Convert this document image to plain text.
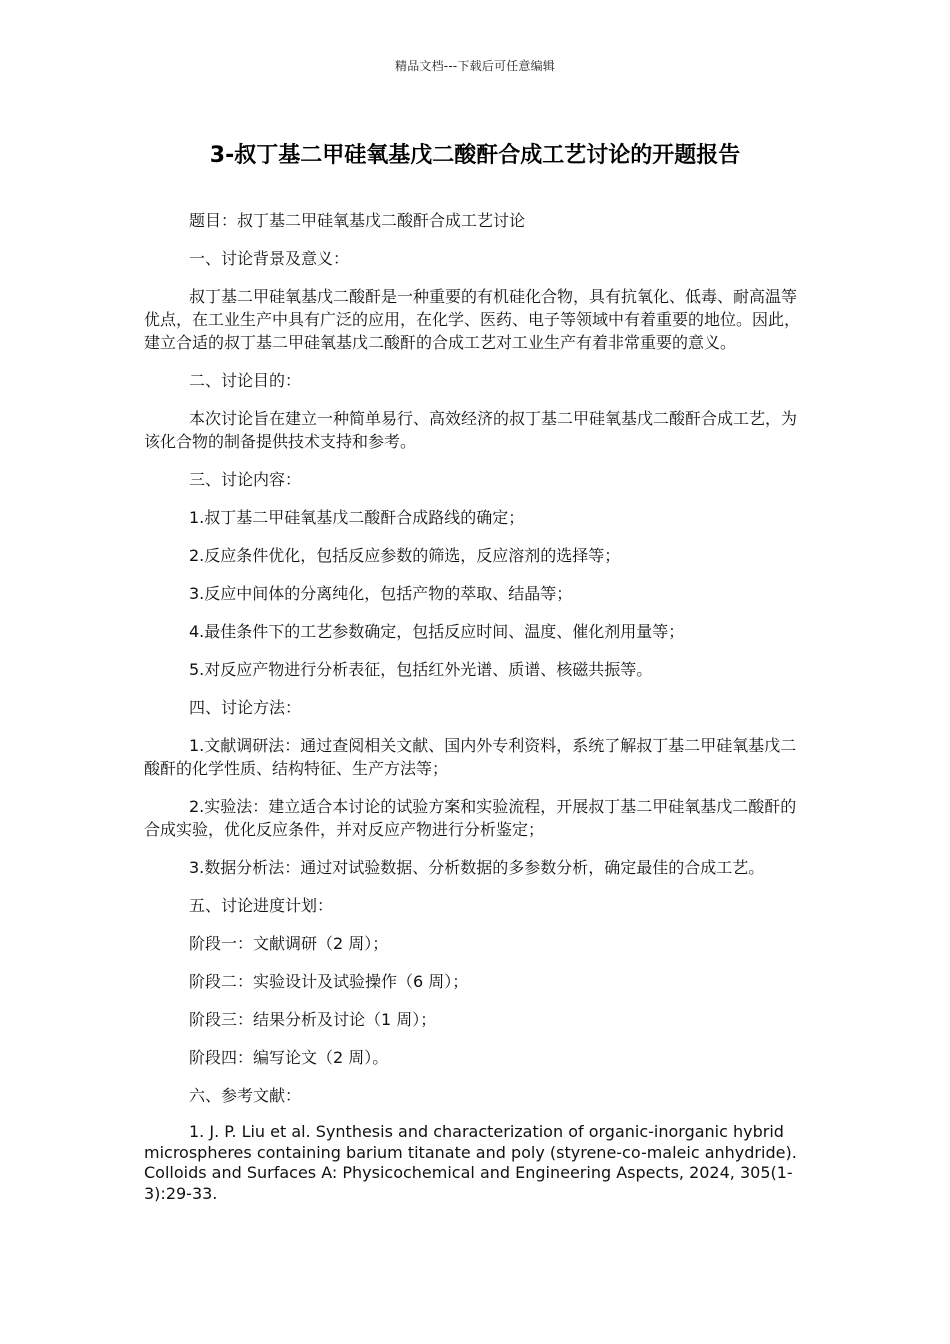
精品文档---下载后可任意编辑
3-叔丁基二甲硅氧基戊二酸酐合成工艺讨论的开题报告

题目：叔丁基二甲硅氧基戊二酸酐合成工艺讨论

一、讨论背景及意义：

叔丁基二甲硅氧基戊二酸酐是一种重要的有机硅化合物，具有抗氧化、低毒、耐高温等优点，在工业生产中具有广泛的应用，在化学、医药、电子等领域中有着重要的地位。因此，建立合适的叔丁基二甲硅氧基戊二酸酐的合成工艺对工业生产有着非常重要的意义。

二、讨论目的：

本次讨论旨在建立一种简单易行、高效经济的叔丁基二甲硅氧基戊二酸酐合成工艺，为该化合物的制备提供技术支持和参考。

三、讨论内容：

1.叔丁基二甲硅氧基戊二酸酐合成路线的确定；

2.反应条件优化，包括反应参数的筛选，反应溶剂的选择等；

3.反应中间体的分离纯化，包括产物的萃取、结晶等；

4.最佳条件下的工艺参数确定，包括反应时间、温度、催化剂用量等；

5.对反应产物进行分析表征，包括红外光谱、质谱、核磁共振等。

四、讨论方法：

1.文献调研法：通过查阅相关文献、国内外专利资料，系统了解叔丁基二甲硅氧基戊二酸酐的化学性质、结构特征、生产方法等；

2.实验法：建立适合本讨论的试验方案和实验流程，开展叔丁基二甲硅氧基戊二酸酐的合成实验，优化反应条件，并对反应产物进行分析鉴定；

3.数据分析法：通过对试验数据、分析数据的多参数分析，确定最佳的合成工艺。

五、讨论进度计划：

阶段一：文献调研（2 周）；

阶段二：实验设计及试验操作（6 周）；

阶段三：结果分析及讨论（1 周）；

阶段四：编写论文（2 周）。

六、参考文献：

1. J. P. Liu et al. Synthesis and characterization of organic-inorganic hybrid microspheres containing barium titanate and poly (styrene-co-maleic anhydride). Colloids and Surfaces A: Physicochemical and Engineering Aspects, 2024, 305(1-3):29-33.
